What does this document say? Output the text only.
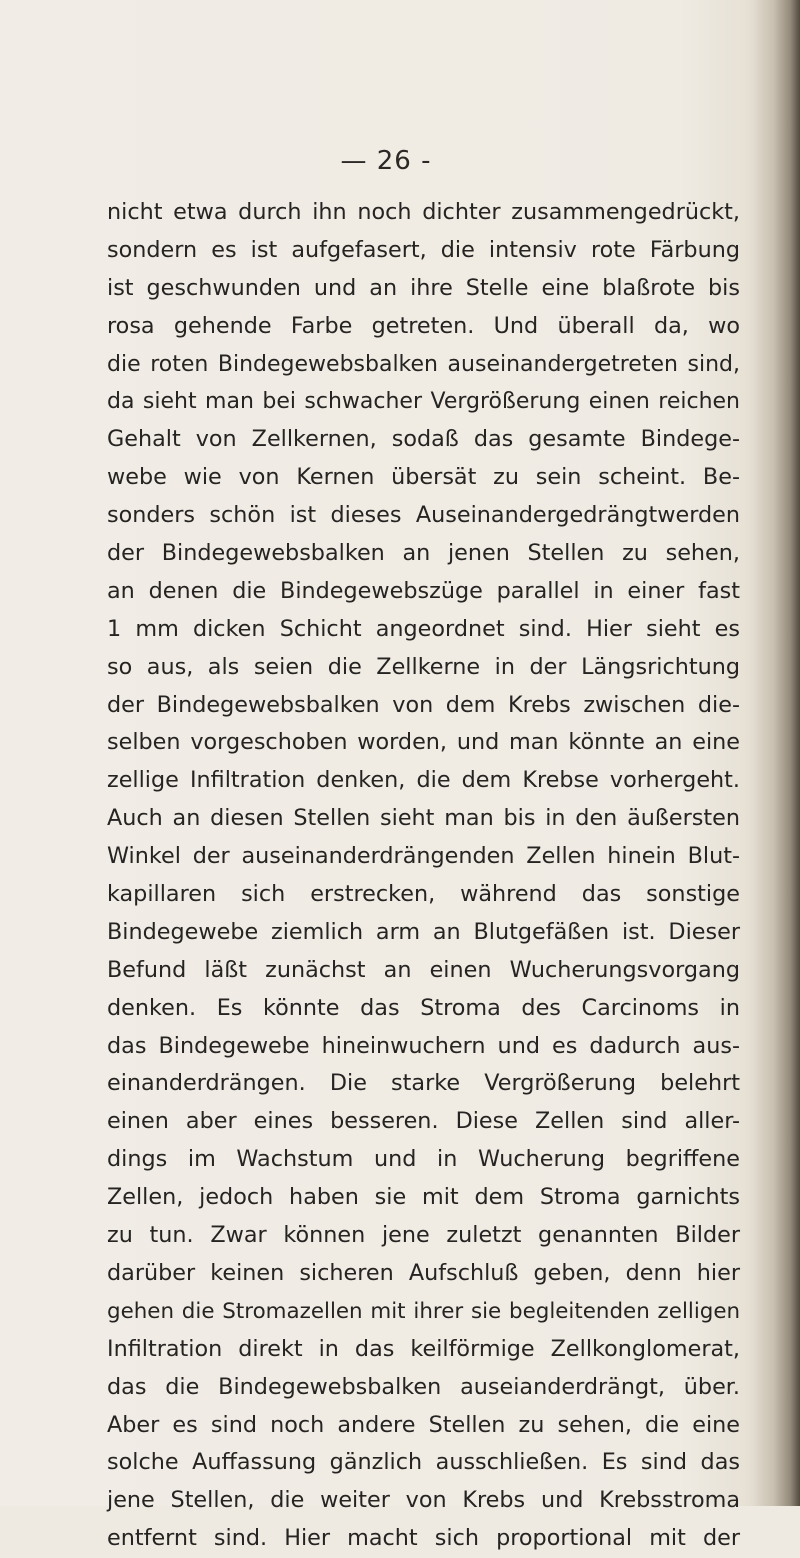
— 26 -
nicht etwa durch ihn noch dichter zusammengedrückt,
sondern es ist aufgefasert, die intensiv rote Färbung
ist geschwunden und an ihre Stelle eine blaßrote bis
rosa gehende Farbe getreten. Und überall da, wo
die roten Bindegewebsbalken auseinandergetreten sind,
da sieht man bei schwacher Vergrößerung einen reichen
Gehalt von Zellkernen, sodaß das gesamte Bindege-
webe wie von Kernen übersät zu sein scheint. Be-
sonders schön ist dieses Auseinandergedrängtwerden
der Bindegewebsbalken an jenen Stellen zu sehen,
an denen die Bindegewebszüge parallel in einer fast
1 mm dicken Schicht angeordnet sind. Hier sieht es
so aus, als seien die Zellkerne in der Längsrichtung
der Bindegewebsbalken von dem Krebs zwischen die-
selben vorgeschoben worden, und man könnte an eine
zellige Infiltration denken, die dem Krebse vorhergeht.
Auch an diesen Stellen sieht man bis in den äußersten
Winkel der auseinanderdrängenden Zellen hinein Blut-
kapillaren sich erstrecken, während das sonstige
Bindegewebe ziemlich arm an Blutgefäßen ist. Dieser
Befund läßt zunächst an einen Wucherungsvorgang
denken. Es könnte das Stroma des Carcinoms in
das Bindegewebe hineinwuchern und es dadurch aus-
einanderdrängen. Die starke Vergrößerung belehrt
einen aber eines besseren. Diese Zellen sind aller-
dings im Wachstum und in Wucherung begriffene
Zellen, jedoch haben sie mit dem Stroma garnichts
zu tun. Zwar können jene zuletzt genannten Bilder
darüber keinen sicheren Aufschluß geben, denn hier
gehen die Stromazellen mit ihrer sie begleitenden zelligen
Infiltration direkt in das keilförmige Zellkonglomerat,
das die Bindegewebsbalken auseianderdrängt, über.
Aber es sind noch andere Stellen zu sehen, die eine
solche Auffassung gänzlich ausschließen. Es sind das
jene Stellen, die weiter von Krebs und Krebsstroma
entfernt sind. Hier macht sich proportional mit der
